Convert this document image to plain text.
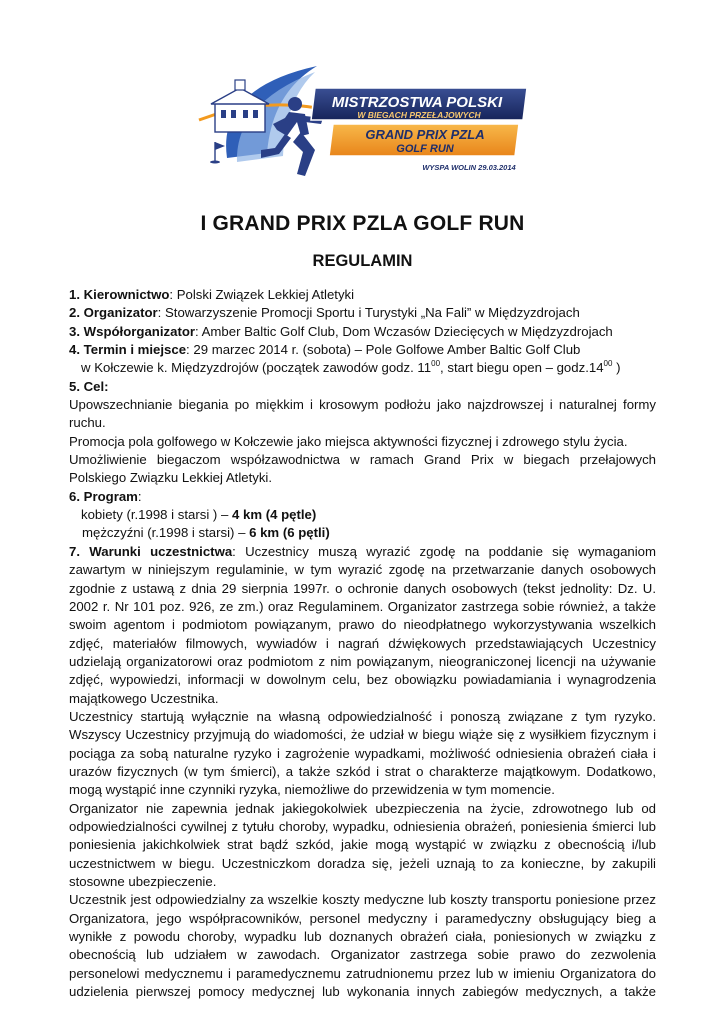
MISTRZOSTWA POLSKI
W BIEGACH PRZEŁAJOWYCH
GRAND PRIX PZLA
GOLF RUN
WYSPA WOLIN 29.03.2014
I GRAND PRIX PZLA GOLF RUN
REGULAMIN

1. Kierownictwo: Polski Związek Lekkiej Atletyki

2. Organizator: Stowarzyszenie Promocji Sportu i Turystyki „Na Fali” w Międzyzdrojach

3. Współorganizator: Amber Baltic Golf Club, Dom Wczasów Dziecięcych w Międzyzdrojach

4. Termin i miejsce: 29 marzec 2014 r. (sobota) – Pole Golfowe Amber Baltic Golf Club

w Kołczewie k. Międzyzdrojów (początek zawodów godz. $11^{00}$, start biegu open – $godz.14^{00}$ )

5. Cel:

Upowszechnianie biegania po miękkim i krosowym podłożu jako najzdrowszej i naturalnej formy ruchu.

Promocja pola golfowego w Kołczewie jako miejsca aktywności fizycznej i zdrowego stylu życia.

Umożliwienie biegaczom współzawodnictwa w ramach Grand Prix w biegach przełajowych Polskiego Związku Lekkiej Atletyki.

6. Program:

kobiety (r.1998 i starsi ) – 4 km (4 pętle)

mężczyźni (r.1998 i starsi) – 6 km (6 pętli)

7. Warunki uczestnictwa: Uczestnicy muszą wyrazić zgodę na poddanie się wymaganiom zawartym w niniejszym regulaminie, w tym wyrazić zgodę na przetwarzanie danych osobowych zgodnie z ustawą z dnia 29 sierpnia 1997r. o ochronie danych osobowych (tekst jednolity: Dz. U. 2002 r. Nr 101 poz. 926, ze zm.) oraz Regulaminem. Organizator zastrzega sobie również, a także swoim agentom i podmiotom powiązanym, prawo do nieodpłatnego wykorzystywania wszelkich zdjęć, materiałów filmowych, wywiadów i nagrań dźwiękowych przedstawiających Uczestnicy udzielają organizatorowi oraz podmiotom z nim powiązanym, nieograniczonej licencji na używanie zdjęć, wypowiedzi, informacji w dowolnym celu, bez obowiązku powiadamiania i wynagrodzenia majątkowego Uczestnika.

Uczestnicy startują wyłącznie na własną odpowiedzialność i ponoszą związane z tym ryzyko. Wszyscy Uczestnicy przyjmują do wiadomości, że udział w biegu wiąże się z wysiłkiem fizycznym i pociąga za sobą naturalne ryzyko i zagrożenie wypadkami, możliwość odniesienia obrażeń ciała i urazów fizycznych (w tym śmierci), a także szkód i strat o charakterze majątkowym. Dodatkowo, mogą wystąpić inne czynniki ryzyka, niemożliwe do przewidzenia w tym momencie.

Organizator nie zapewnia jednak jakiegokolwiek ubezpieczenia na życie, zdrowotnego lub od odpowiedzialności cywilnej z tytułu choroby, wypadku, odniesienia obrażeń, poniesienia śmierci lub poniesienia jakichkolwiek strat bądź szkód, jakie mogą wystąpić w związku z obecnością i/lub uczestnictwem w biegu. Uczestniczkom doradza się, jeżeli uznają to za konieczne, by zakupili stosowne ubezpieczenie.

Uczestnik jest odpowiedzialny za wszelkie koszty medyczne lub koszty transportu poniesione przez Organizatora, jego współpracowników, personel medyczny i paramedyczny obsługujący bieg a wynikłe z powodu choroby, wypadku lub doznanych obrażeń ciała, poniesionych w związku z obecnością lub udziałem w zawodach. Organizator zastrzega sobie prawo do zezwolenia personelowi medycznemu i paramedycznemu zatrudnionemu przez lub w imieniu Organizatora do udzielenia pierwszej pomocy medycznej lub wykonania innych zabiegów medycznych, a także
